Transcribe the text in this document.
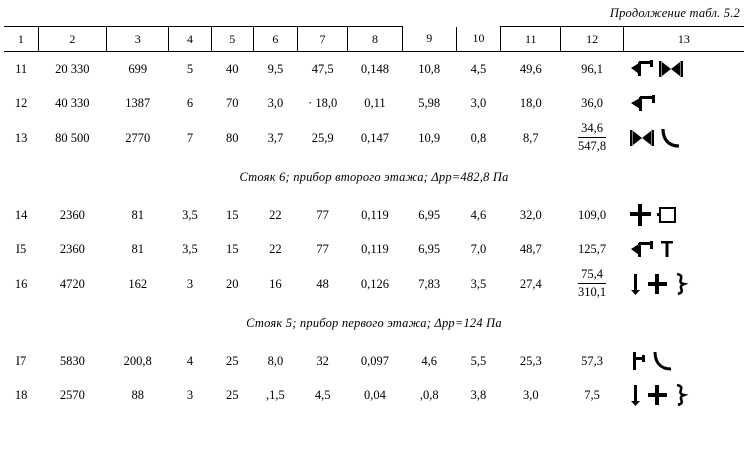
Продолжение табл. 5.2
1	2	3	4	5	6	7	8	9	10	11	12	13
11	20 330	699	5	40	9,5	47,5	0,148	10,8	4,5	49,6	96,1	

12	40 330	1387	6	70	3,0	· 18,0	0,11	5,98	3,0	18,0	36,0	

13	80 500	2770	7	80	3,7	25,9	0,147	10,9	0,8	8,7	$\frac{34,6}{547,8}$

Стояк 6; прибор второго этажа; Δpp=482,8 Па												
14	2360	81	3,5	15	22	77	0,119	6,95	4,6	32,0	109,0	

I5	2360	81	3,5	15	22	77	0,119	6,95	7,0	48,7	125,7	

16	4720	162	3	20	16	48	0,126	7,83	3,5	27,4	$\frac{75,4}{310,1}$

Стояк 5; прибор первого этажа; Δpp=124 Па												
I7	5830	200,8	4	25	8,0	32	0,097	4,6	5,5	25,3	57,3	

18	2570	88	3	25	,1,5	4,5	0,04	,0,8	3,8	3,0	7,5	
